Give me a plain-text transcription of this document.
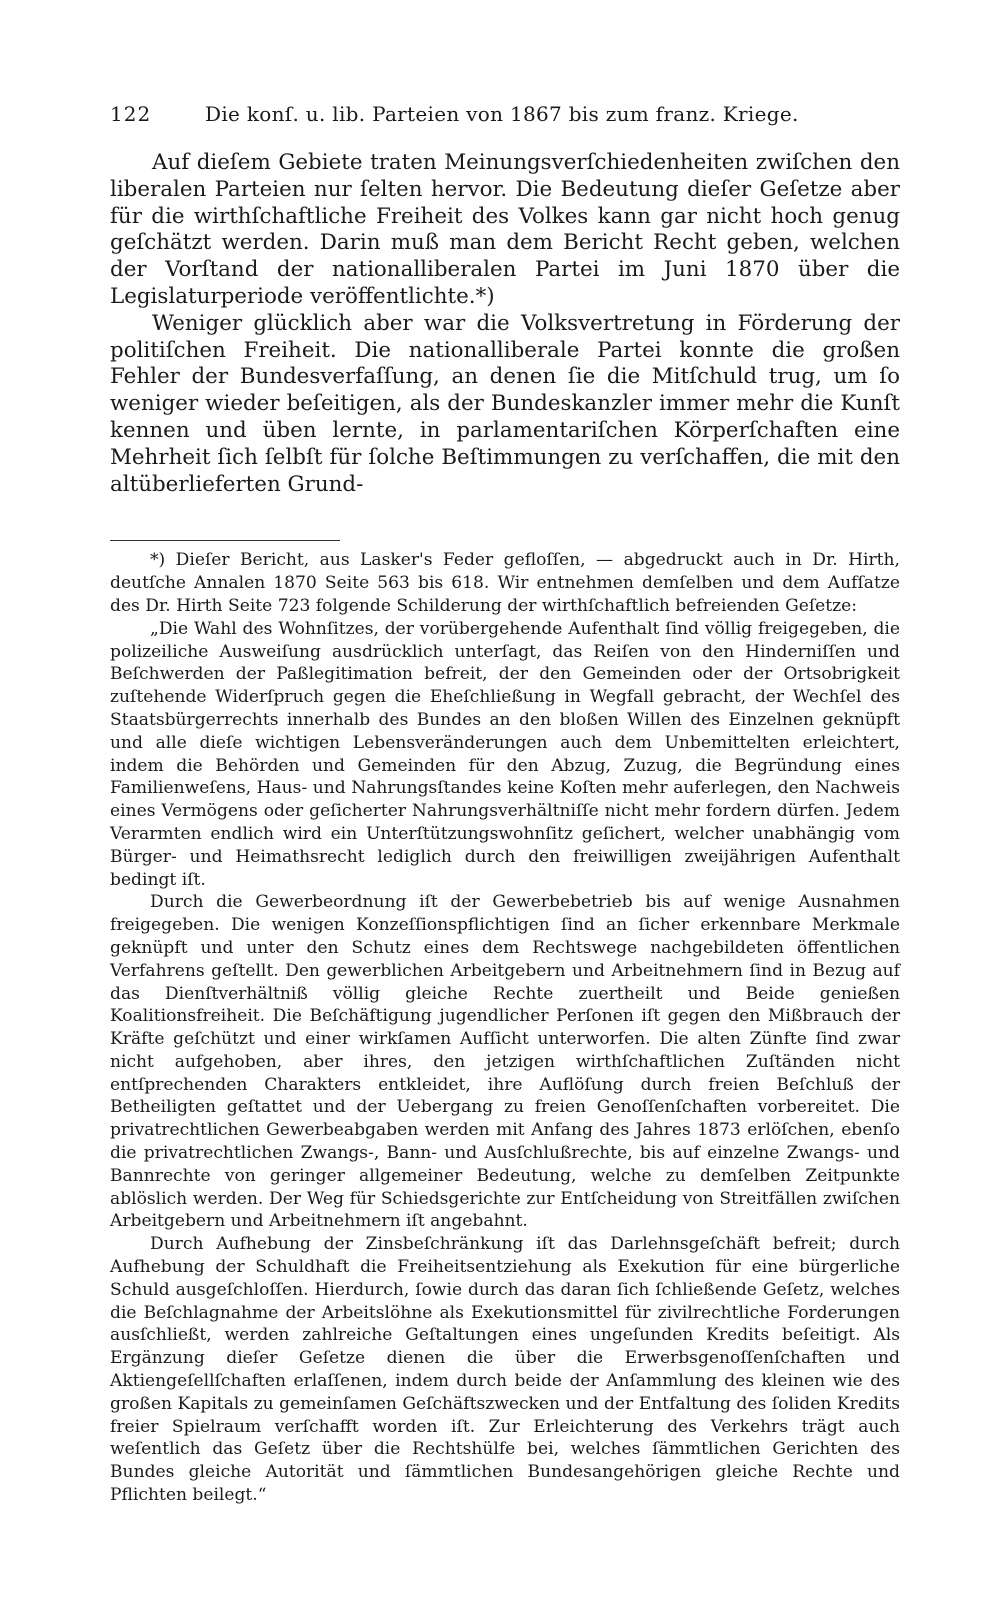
122	Die konſ. u. lib. Parteien von 1867 bis zum franz. Kriege.

Auf dieſem Gebiete traten Meinungsverſchiedenheiten zwiſchen den liberalen Parteien nur ſelten hervor. Die Bedeutung dieſer Geſetze aber für die wirthſchaftliche Freiheit des Volkes kann gar nicht hoch genug geſchätzt werden. Darin muß man dem Bericht Recht geben, welchen der Vorſtand der nationalliberalen Partei im Juni 1870 über die Legislaturperiode veröffentlichte.*)

Weniger glücklich aber war die Volksvertretung in Förderung der politiſchen Freiheit. Die nationalliberale Partei konnte die großen Fehler der Bundesverfaſſung, an denen ſie die Mitſchuld trug, um ſo weniger wieder beſeitigen, als der Bundeskanzler immer mehr die Kunſt kennen und üben lernte, in parlamentariſchen Körperſchaften eine Mehrheit ſich ſelbſt für ſolche Beſtimmungen zu verſchaffen, die mit den altüberlieferten Grund-

*) Dieſer Bericht, aus Lasker's Feder gefloſſen, — abgedruckt auch in Dr. Hirth, deutſche Annalen 1870 Seite 563 bis 618. Wir entnehmen demſelben und dem Aufſatze des Dr. Hirth Seite 723 folgende Schilderung der wirthſchaftlich befreienden Geſetze:

„Die Wahl des Wohnſitzes, der vorübergehende Aufenthalt ſind völlig freigegeben, die polizeiliche Ausweiſung ausdrücklich unterſagt, das Reiſen von den Hinderniſſen und Beſchwerden der Paßlegitimation befreit, der den Gemeinden oder der Ortsobrigkeit zuſtehende Widerſpruch gegen die Eheſchließung in Wegfall gebracht, der Wechſel des Staatsbürgerrechts innerhalb des Bundes an den bloßen Willen des Einzelnen geknüpft und alle dieſe wichtigen Lebensveränderungen auch dem Unbemittelten erleichtert, indem die Behörden und Gemeinden für den Abzug, Zuzug, die Begründung eines Familienweſens, Haus- und Nahrungsſtandes keine Koſten mehr auferlegen, den Nachweis eines Vermögens oder geſicherter Nahrungsverhältniſſe nicht mehr fordern dürfen. Jedem Verarmten endlich wird ein Unterſtützungswohnſitz geſichert, welcher unabhängig vom Bürger- und Heimathsrecht lediglich durch den freiwilligen zweijährigen Aufenthalt bedingt iſt.

Durch die Gewerbeordnung iſt der Gewerbebetrieb bis auf wenige Ausnahmen freigegeben. Die wenigen Konzeſſionspflichtigen ſind an ſicher erkennbare Merkmale geknüpft und unter den Schutz eines dem Rechtswege nachgebildeten öffentlichen Verfahrens geſtellt. Den gewerblichen Arbeitgebern und Arbeitnehmern ſind in Bezug auf das Dienſtverhältniß völlig gleiche Rechte zuertheilt und Beide genießen Koalitionsfreiheit. Die Beſchäftigung jugendlicher Perſonen iſt gegen den Mißbrauch der Kräfte geſchützt und einer wirkſamen Aufſicht unterworfen. Die alten Zünfte ſind zwar nicht aufgehoben, aber ihres, den jetzigen wirthſchaftlichen Zuſtänden nicht entſprechenden Charakters entkleidet, ihre Auflöſung durch freien Beſchluß der Betheiligten geſtattet und der Uebergang zu freien Genoſſenſchaften vorbereitet. Die privatrechtlichen Gewerbeabgaben werden mit Anfang des Jahres 1873 erlöſchen, ebenſo die privatrechtlichen Zwangs-, Bann- und Ausſchlußrechte, bis auf einzelne Zwangs- und Bannrechte von geringer allgemeiner Bedeutung, welche zu demſelben Zeitpunkte ablöslich werden. Der Weg für Schiedsgerichte zur Entſcheidung von Streitfällen zwiſchen Arbeitgebern und Arbeitnehmern iſt angebahnt.

Durch Aufhebung der Zinsbeſchränkung iſt das Darlehnsgeſchäft befreit; durch Aufhebung der Schuldhaft die Freiheitsentziehung als Exekution für eine bürgerliche Schuld ausgeſchloſſen. Hierdurch, ſowie durch das daran ſich ſchließende Geſetz, welches die Beſchlagnahme der Arbeitslöhne als Exekutionsmittel für zivilrechtliche Forderungen ausſchließt, werden zahlreiche Geſtaltungen eines ungeſunden Kredits beſeitigt. Als Ergänzung dieſer Geſetze dienen die über die Erwerbsgenoſſenſchaften und Aktiengeſellſchaften erlaſſenen, indem durch beide der Anſammlung des kleinen wie des großen Kapitals zu gemeinſamen Geſchäftszwecken und der Entfaltung des ſoliden Kredits freier Spielraum verſchafft worden iſt. Zur Erleichterung des Verkehrs trägt auch weſentlich das Geſetz über die Rechtshülfe bei, welches ſämmtlichen Gerichten des Bundes gleiche Autorität und ſämmtlichen Bundesangehörigen gleiche Rechte und Pflichten beilegt.“
